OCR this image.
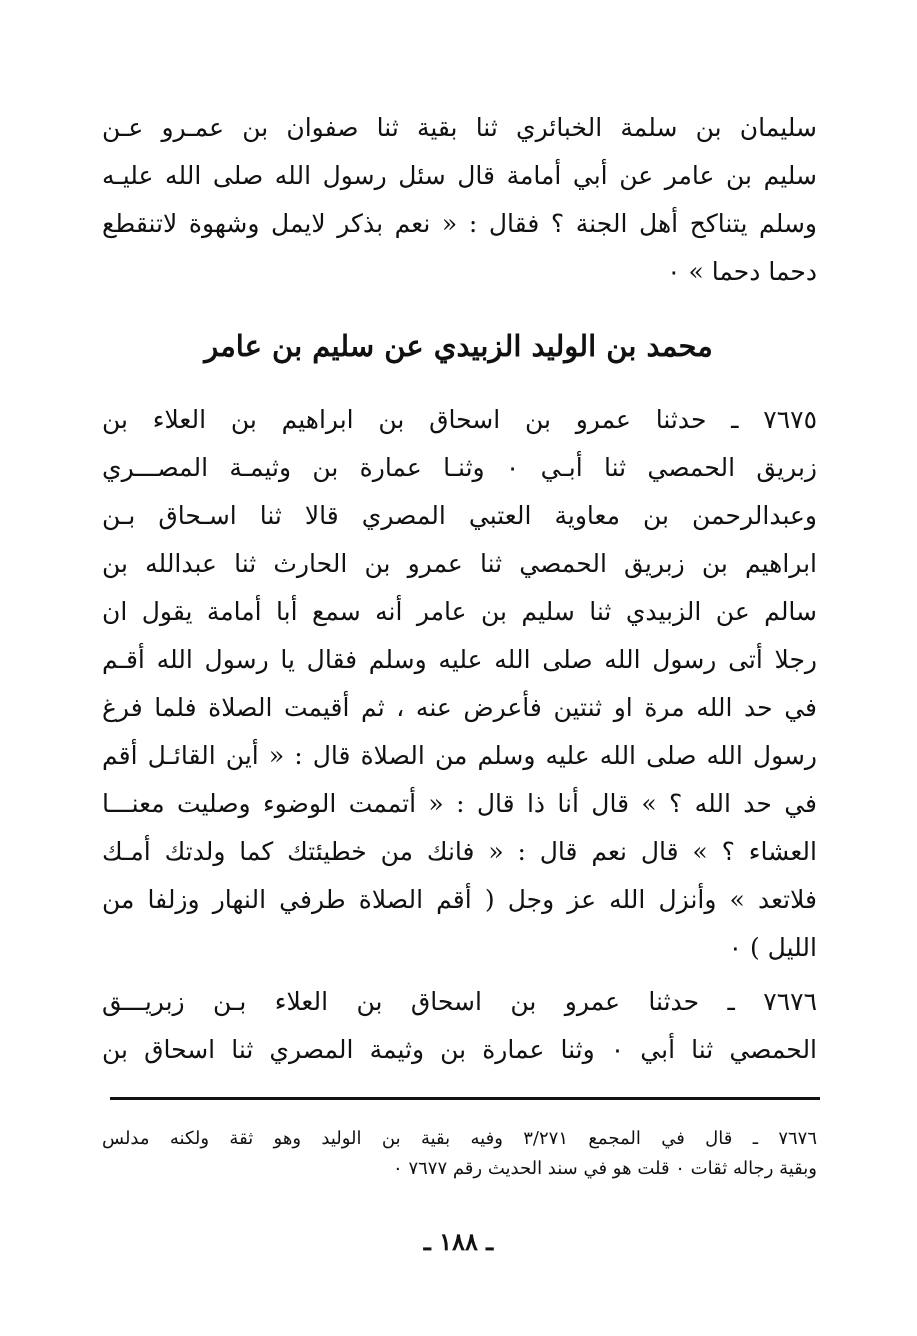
سليمان بن سلمة الخبائري ثنا بقية ثنا صفوان بن عمـرو عـن
سليم بن عامر عن أبي أمامة قال سئل رسول الله صلى الله عليـه
وسلم يتناكح أهل الجنة ؟ فقال : « نعم بذكر لايمل وشهوة لاتنقطع
دحما دحما » ٠
محمد بن الوليد الزبيدي عن سليم بن عامر
٧٦٧٥ ـ حدثنا عمرو بن اسحاق بن ابراهيم بن العلاء بن
زبريق الحمصي ثنا أبـي ٠ وثنـا عمارة بن وثيمـة المصـــري
وعبدالرحمن بن معاوية العتبي المصري قالا ثنا اسـحاق بـن
ابراهيم بن زبريق الحمصي ثنا عمرو بن الحارث ثنا عبدالله بن
سالم عن الزبيدي ثنا سليم بن عامر أنه سمع أبا أمامة يقول ان
رجلا أتى رسول الله صلى الله عليه وسلم فقال يا رسول الله أقـم
في حد الله مرة او ثنتين فأعرض عنه ، ثم أقيمت الصلاة فلما فرغ
رسول الله صلى الله عليه وسلم من الصلاة قال : « أين القائـل أقم
في حد الله ؟ » قال أنا ذا قال : « أتممت الوضوء وصليت معنـــا
العشاء ؟ » قال نعم قال : « فانك من خطيئتك كما ولدتك أمـك
فلاتعد » وأنزل الله عز وجل ( أقم الصلاة طرفي النهار وزلفا من
الليل ) ٠
٧٦٧٦ ـ حدثنا عمرو بن اسحاق بن العلاء بـن زبريـــق
الحمصي ثنا أبي ٠ وثنا عمارة بن وثيمة المصري ثنا اسحاق بن
٧٦٧٦ ـ قال في المجمع ٣/٢٧١ وفيه بقية بن الوليد وهو ثقة ولكنه مدلس
وبقية رجاله ثقات ٠ قلت هو في سند الحديث رقم ٧٦٧٧ ٠
ـ ١٨٨ ـ
